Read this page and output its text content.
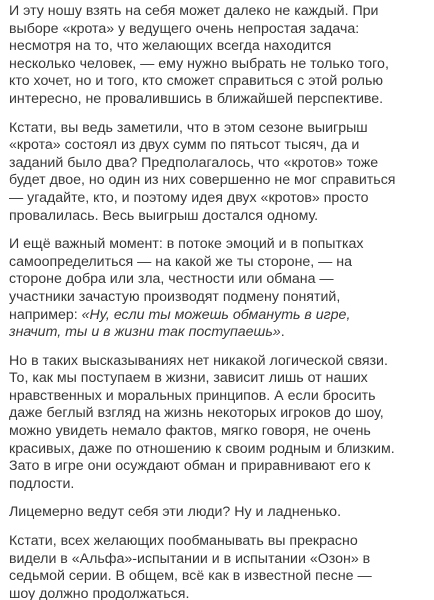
И эту ношу взять на себя может далеко не каждый. При
выборе «крота» у ведущего очень непростая задача:
несмотря на то, что желающих всегда находится
несколько человек, — ему нужно выбрать не только того,
кто хочет, но и того, кто сможет справиться с этой ролью
интересно, не провалившись в ближайшей перспективе.

Кстати, вы ведь заметили, что в этом сезоне выигрыш
«крота» состоял из двух сумм по пятьсот тысяч, да и
заданий было два? Предполагалось, что «кротов» тоже
будет двое, но один из них совершенно не мог справиться
— угадайте, кто, и поэтому идея двух «кротов» просто
провалилась. Весь выигрыш достался одному.

И ещё важный момент: в потоке эмоций и в попытках
самоопределиться — на какой же ты стороне, — на
стороне добра или зла, честности или обмана —
участники зачастую производят подмену понятий,
например: «Ну, если ты можешь обмануть в игре,
значит, ты и в жизни так поступаешь».

Но в таких высказываниях нет никакой логической связи.
То, как мы поступаем в жизни, зависит лишь от наших
нравственных и моральных принципов. А если бросить
даже беглый взгляд на жизнь некоторых игроков до шоу,
можно увидеть немало фактов, мягко говоря, не очень
красивых, даже по отношению к своим родным и близким.
Зато в игре они осуждают обман и приравнивают его к
подлости.

Лицемерно ведут себя эти люди? Ну и ладненько.

Кстати, всех желающих пообманывать вы прекрасно
видели в «Альфа»-испытании и в испытании «Озон» в
седьмой серии. В общем, всё как в известной песне —
шоу должно продолжаться.
